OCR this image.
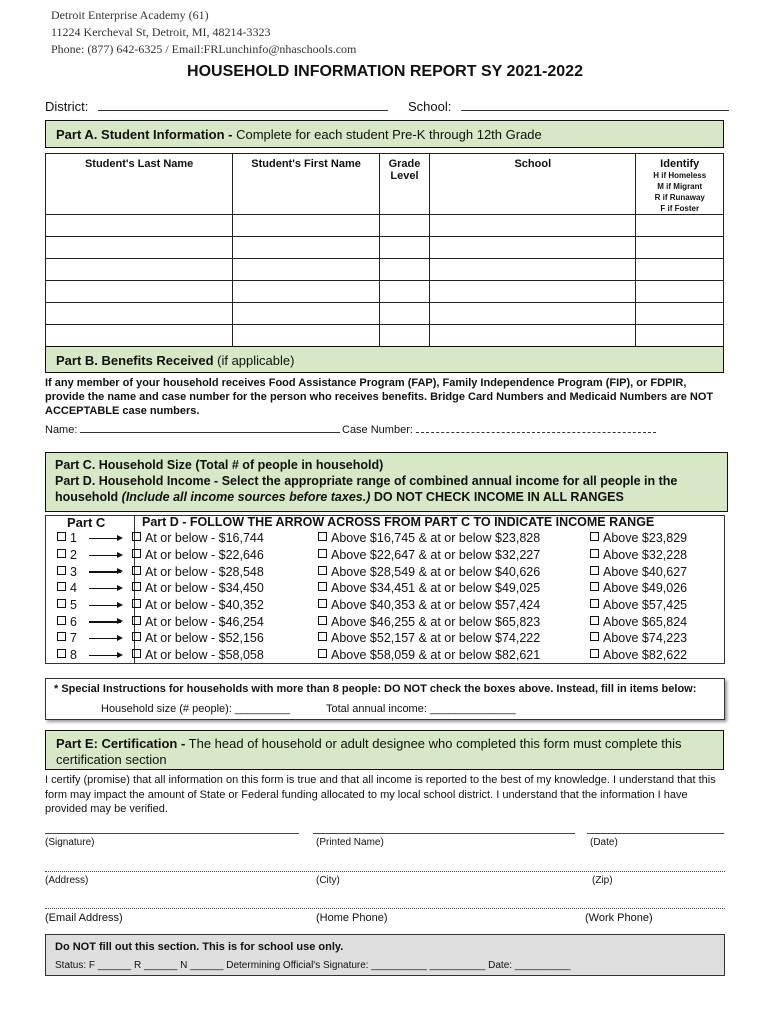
Detroit Enterprise Academy (61)
11224 Kercheval St, Detroit, MI, 48214-3323
Phone: (877) 642-6325 / Email:FRLunchinfo@nhaschools.com
HOUSEHOLD INFORMATION REPORT SY 2021-2022
District:	School:
Part A. Student Information - Complete for each student Pre-K through 12th Grade
Student's Last Name	Student's First Name	Grade Level	School	Identify
H if Homeless
M if Migrant
R if Runaway
F if Foster

Part B. Benefits Received (if applicable)
If any member of your household receives Food Assistance Program (FAP), Family Independence Program (FIP), or FDPIR, provide the name and case number for the person who receives benefits. Bridge Card Numbers and Medicaid Numbers are NOT ACCEPTABLE case numbers.
Name:	Case Number:
Part C. Household Size (Total # of people in household)
Part D. Household Income - Select the appropriate range of combined annual income for all people in the household (Include all income sources before taxes.) DO NOT CHECK INCOME IN ALL RANGES
Part C	Part D - FOLLOW THE ARROW ACROSS FROM PART C TO INDICATE INCOME RANGE
1	At or below - $16,744	Above $16,745 & at or below $23,828	Above $23,829
2	At or below - $22,646	Above $22,647 & at or below $32,227	Above $32,228
3	At or below - $28,548	Above $28,549 & at or below $40,626	Above $40,627
4	At or below - $34,450	Above $34,451 & at or below $49,025	Above $49,026
5	At or below - $40,352	Above $40,353 & at or below $57,424	Above $57,425
6	At or below - $46,254	Above $46,255 & at or below $65,823	Above $65,824
7	At or below - $52,156	Above $52,157 & at or below $74,222	Above $74,223
8	At or below - $58,058	Above $58,059 & at or below $82,621	Above $82,622
* Special Instructions for households with more than 8 people: DO NOT check the boxes above. Instead, fill in items below:
Household size (# people): _________	Total annual income: ______________
Part E: Certification - The head of household or adult designee who completed this form must complete this certification section
I certify (promise) that all information on this form is true and that all income is reported to the best of my knowledge. I understand that this form may impact the amount of State or Federal funding allocated to my local school district. I understand that the information I have provided may be verified.
(Signature)	(Printed Name)	(Date)
(Address)	(City)	(Zip)
(Email Address)	(Home Phone)	(Work Phone)
Do NOT fill out this section. This is for school use only.
Status: F ______ R ______ N ______ Determining Official's Signature: __________ __________ Date: __________
